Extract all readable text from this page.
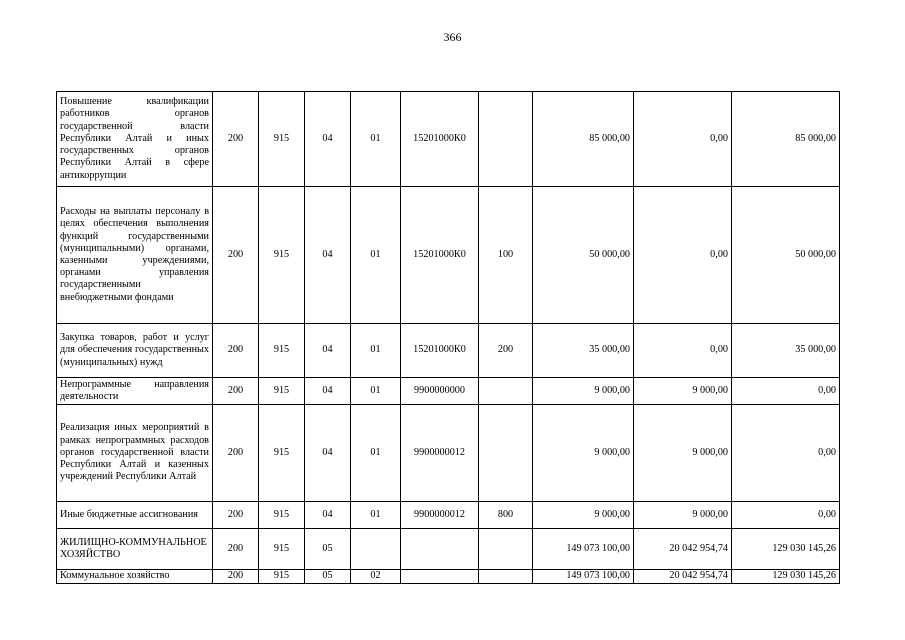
366
Повышение квалификации работников органов государственной власти Республики Алтай и иных государственных органов Республики Алтай в сфере антикоррупции	200	915	04	01	15201000К0		85 000,00	0,00	85 000,00
Расходы на выплаты персоналу в целях обеспечения выполнения функций государственными (муниципальными) органами, казенными учреждениями, органами управления государственными внебюджетными фондами	200	915	04	01	15201000К0	100	50 000,00	0,00	50 000,00
Закупка товаров, работ и услуг для обеспечения государственных (муниципальных) нужд	200	915	04	01	15201000К0	200	35 000,00	0,00	35 000,00
Непрограммные направления деятельности	200	915	04	01	9900000000		9 000,00	9 000,00	0,00
Реализация иных мероприятий в рамках непрограммных расходов органов государственной власти Республики Алтай и казенных учреждений Республики Алтай	200	915	04	01	9900000012		9 000,00	9 000,00	0,00
Иные бюджетные ассигнования	200	915	04	01	9900000012	800	9 000,00	9 000,00	0,00
ЖИЛИЩНО-КОММУНАЛЬНОЕ ХОЗЯЙСТВО	200	915	05				149 073 100,00	20 042 954,74	129 030 145,26
Коммунальное хозяйство	200	915	05	02			149 073 100,00	20 042 954,74	129 030 145,26
